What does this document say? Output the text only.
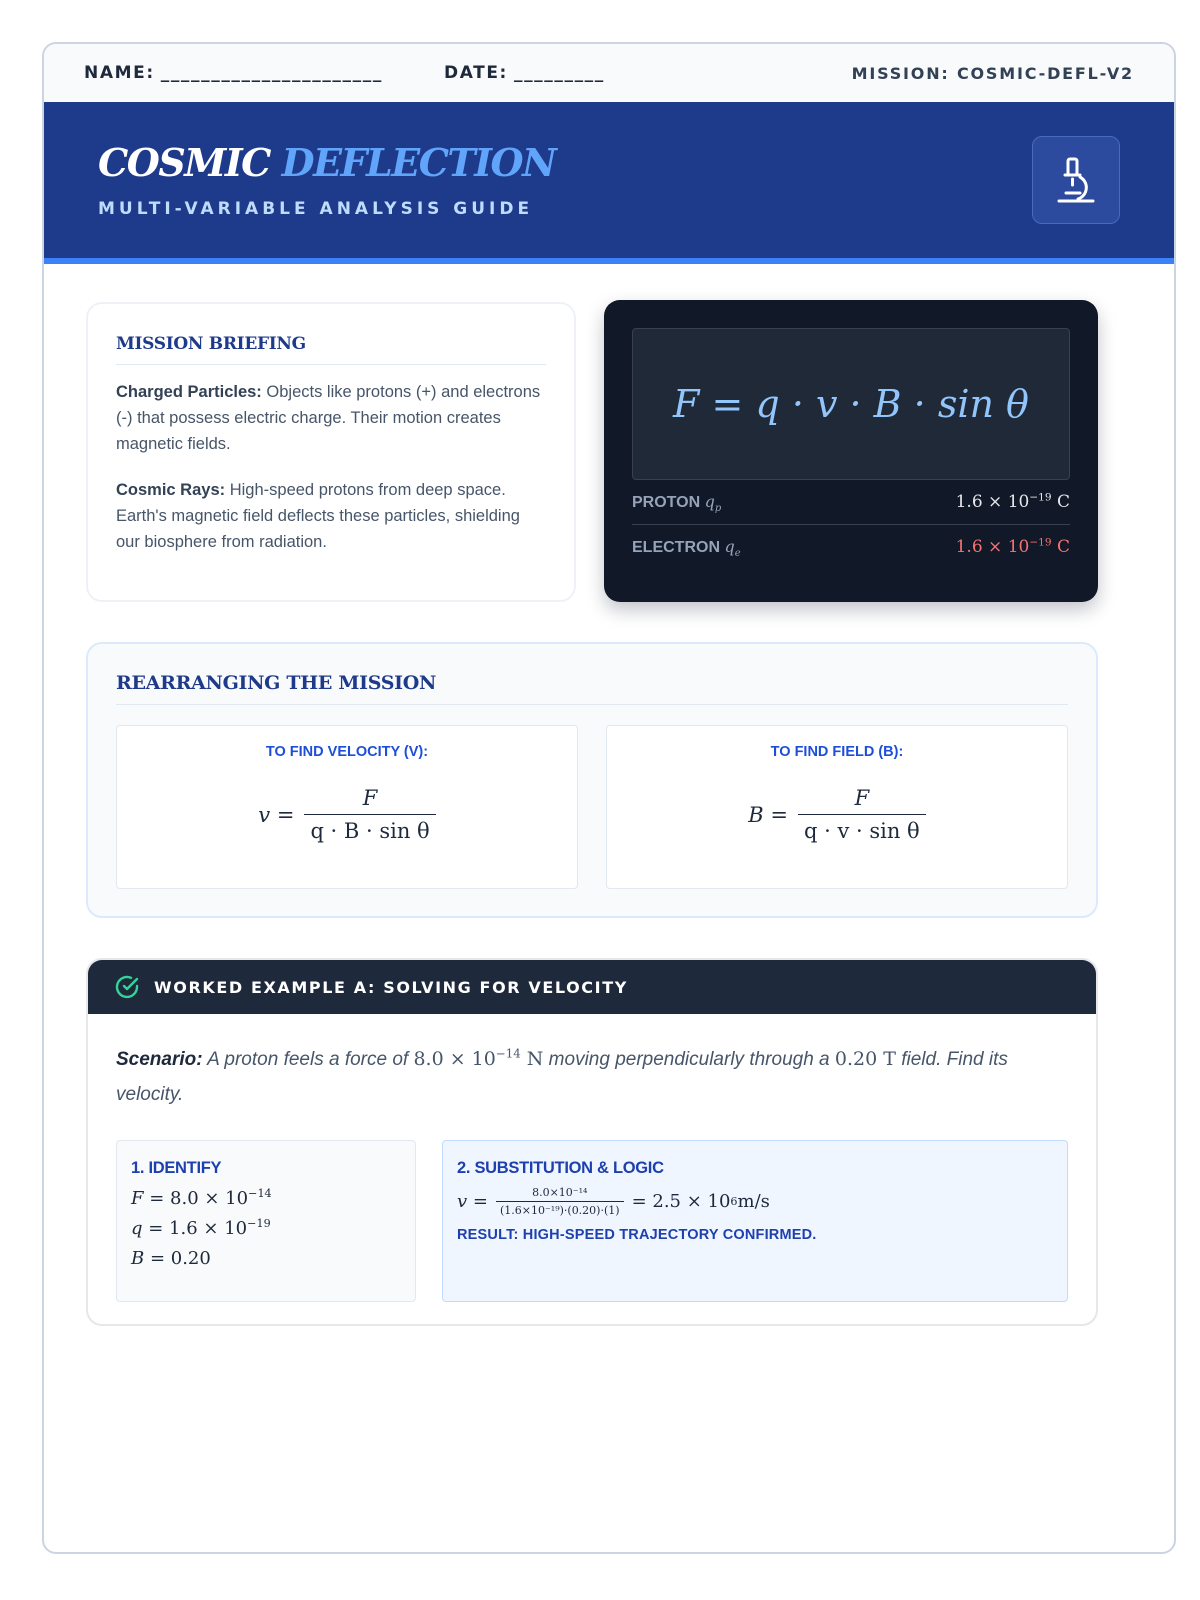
NAME: ______________________	DATE: _________	MISSION: COSMIC-DEFL-V2
COSMIC DEFLECTION
MULTI-VARIABLE ANALYSIS GUIDE
MISSION BRIEFING

Charged Particles: Objects like protons (+) and electrons (-) that possess electric charge. Their motion creates magnetic fields.

Cosmic Rays: High-speed protons from deep space. Earth's magnetic field deflects these particles, shielding our biosphere from radiation.

F = q · v · B · sin θ
PROTON $q_p$	$1.6 \times 10^{-19}$ C
ELECTRON $q_e$	$1.6 \times 10^{-19}$ C
REARRANGING THE MISSION
TO FIND VELOCITY (V):
$v = \frac{F}{\text{q · B · sin θ}}$
TO FIND FIELD (B):
$B = \frac{F}{\text{q · v · sin θ}}$
WORKED EXAMPLE A: SOLVING FOR VELOCITY
Scenario: A proton feels a force of $8.0 \times 10^{-14}$ N moving perpendicularly through a 0.20 T field. Find its velocity.
1. IDENTIFY
$F = 8.0 \times 10^{-14}$
$q = 1.6 \times 10^{-19}$
B = 0.20
2. SUBSTITUTION & LOGIC
$v = \frac{\text{8.0×10⁻¹⁴}}{\text{(1.6×10⁻¹⁹)·(0.20)·(1)}} = 2.5 \times 10$ 6 m/s
RESULT: HIGH-SPEED TRAJECTORY CONFIRMED.
